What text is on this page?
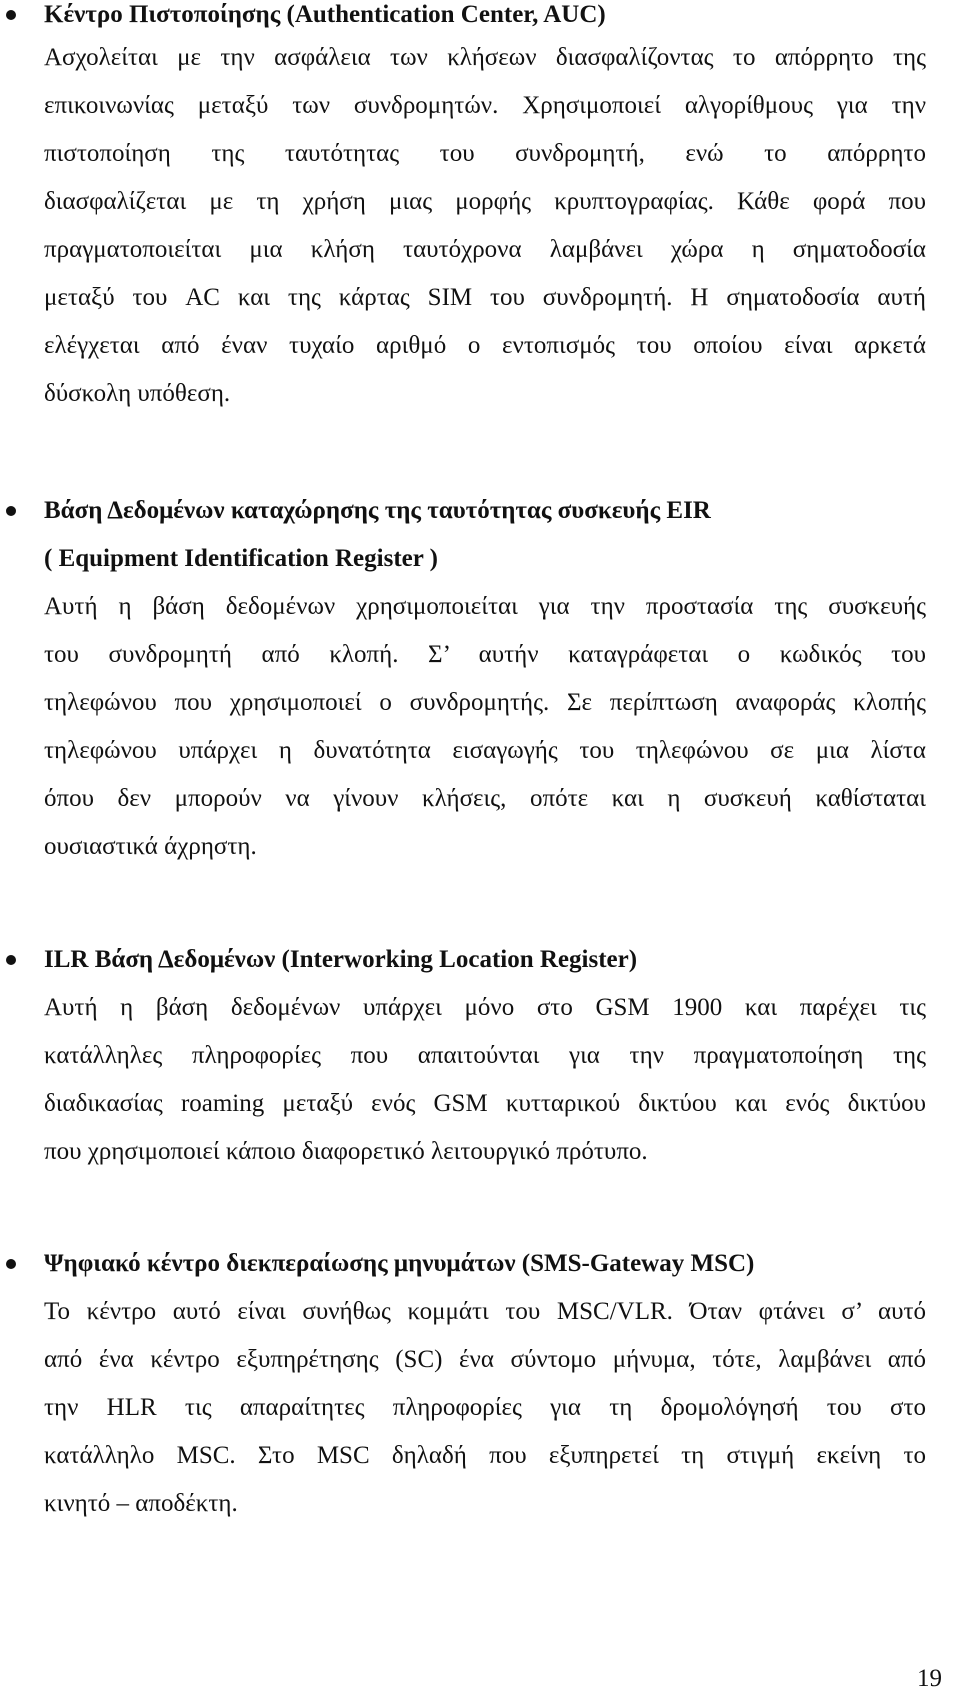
Κέντρο Πιστοποίησης (Authentication Center, AUC)

Ασχολείται με την ασφάλεια των κλήσεων διασφαλίζοντας το απόρρητο της

επικοινωνίας μεταξύ των συνδρομητών. Χρησιμοποιεί αλγορίθμους για την

πιστοποίηση της ταυτότητας του συνδρομητή, ενώ το απόρρητο

διασφαλίζεται με τη χρήση μιας μορφής κρυπτογραφίας. Κάθε φορά που

πραγματοποιείται μια κλήση ταυτόχρονα λαμβάνει χώρα η σηματοδοσία

μεταξύ του AC και της κάρτας SIM του συνδρομητή. Η σηματοδοσία αυτή

ελέγχεται από έναν τυχαίο αριθμό ο εντοπισμός του οποίου είναι αρκετά

δύσκολη υπόθεση.

Βάση Δεδομένων καταχώρησης της ταυτότητας συσκευής EIR

( Equipment Identification Register )

Αυτή η βάση δεδομένων χρησιμοποιείται για την προστασία της συσκευής

του συνδρομητή από κλοπή. Σ’ αυτήν καταγράφεται ο κωδικός του

τηλεφώνου που χρησιμοποιεί ο συνδρομητής. Σε περίπτωση αναφοράς κλοπής

τηλεφώνου υπάρχει η δυνατότητα εισαγωγής του τηλεφώνου σε μια λίστα

όπου δεν μπορούν να γίνουν κλήσεις, οπότε και η συσκευή καθίσταται

ουσιαστικά άχρηστη.

ILR Βάση Δεδομένων (Interworking Location Register)

Αυτή η βάση δεδομένων υπάρχει μόνο στο GSM 1900 και παρέχει τις

κατάλληλες πληροφορίες που απαιτούνται για την πραγματοποίηση της

διαδικασίας roaming μεταξύ ενός GSM κυτταρικού δικτύου και ενός δικτύου

που χρησιμοποιεί κάποιο διαφορετικό λειτουργικό πρότυπο.

Ψηφιακό κέντρο διεκπεραίωσης μηνυμάτων (SMS-Gateway MSC)

Το κέντρο αυτό είναι συνήθως κομμάτι του MSC/VLR. Όταν φτάνει σ’ αυτό

από ένα κέντρο εξυπηρέτησης (SC) ένα σύντομο μήνυμα, τότε, λαμβάνει από

την HLR τις απαραίτητες πληροφορίες για τη δρομολόγησή του στο

κατάλληλο MSC. Στο MSC δηλαδή που εξυπηρετεί τη στιγμή εκείνη το

κινητό – αποδέκτη.

19
